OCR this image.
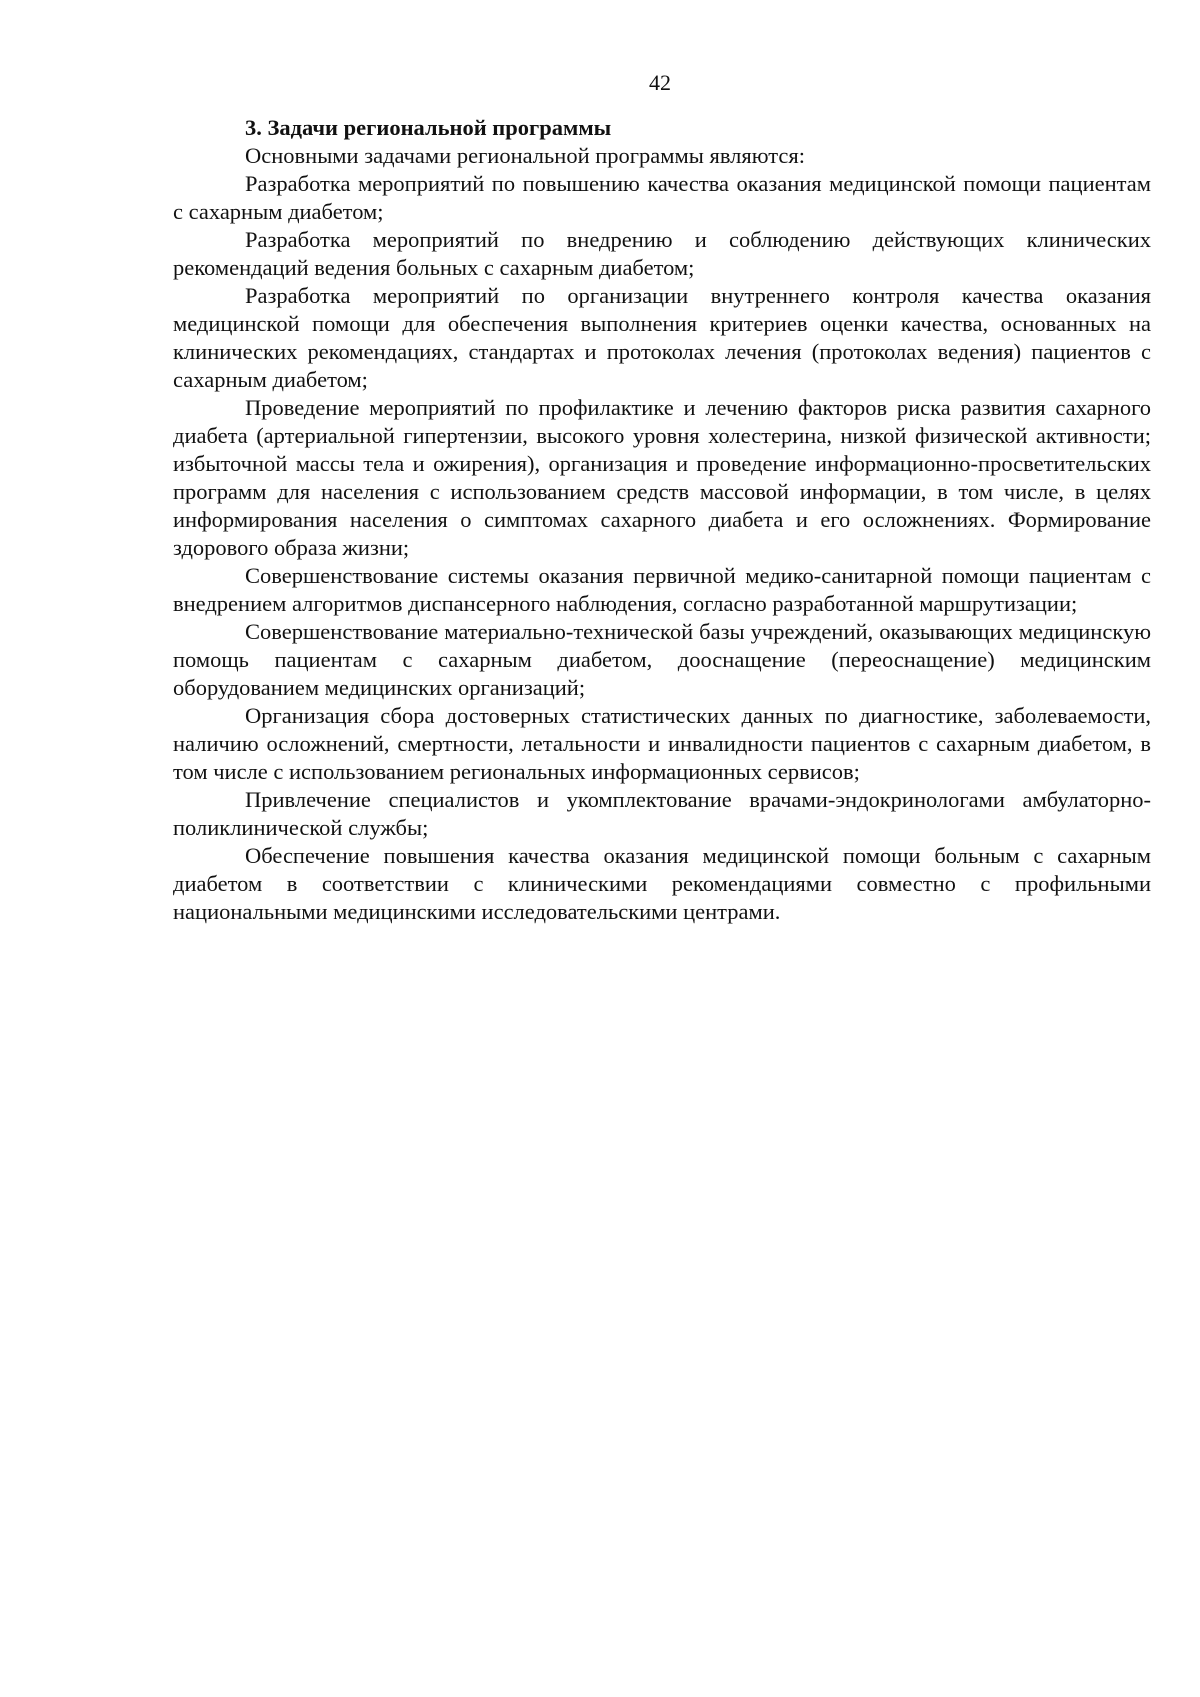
42
3. Задачи региональной программы

Основными задачами региональной программы являются:

Разработка мероприятий по повышению качества оказания медицинской помощи пациентам с сахарным диабетом;

Разработка мероприятий по внедрению и соблюдению действующих клинических рекомендаций ведения больных с сахарным диабетом;

Разработка мероприятий по организации внутреннего контроля качества оказания медицинской помощи для обеспечения выполнения критериев оценки качества, основанных на клинических рекомендациях, стандартах и протоколах лечения (протоколах ведения) пациентов с сахарным диабетом;

Проведение мероприятий по профилактике и лечению факторов риска развития сахарного диабета (артериальной гипертензии, высокого уровня холестерина, низкой физической активности; избыточной массы тела и ожирения), организация и проведение информационно-просветительских программ для населения с использованием средств массовой информации, в том числе, в целях информирования населения о симптомах сахарного диабета и его осложнениях. Формирование здорового образа жизни;

Совершенствование системы оказания первичной медико-санитарной помощи пациентам с внедрением алгоритмов диспансерного наблюдения, согласно разработанной маршрутизации;

Совершенствование материально-технической базы учреждений, оказывающих медицинскую помощь пациентам с сахарным диабетом, дооснащение (переоснащение) медицинским оборудованием медицинских организаций;

Организация сбора достоверных статистических данных по диагностике, заболеваемости, наличию осложнений, смертности, летальности и инвалидности пациентов с сахарным диабетом, в том числе с использованием региональных информационных сервисов;

Привлечение специалистов и укомплектование врачами-эндокринологами амбулаторно-поликлинической службы;

Обеспечение повышения качества оказания медицинской помощи больным с сахарным диабетом в соответствии с клиническими рекомендациями совместно с профильными национальными медицинскими исследовательскими центрами.
